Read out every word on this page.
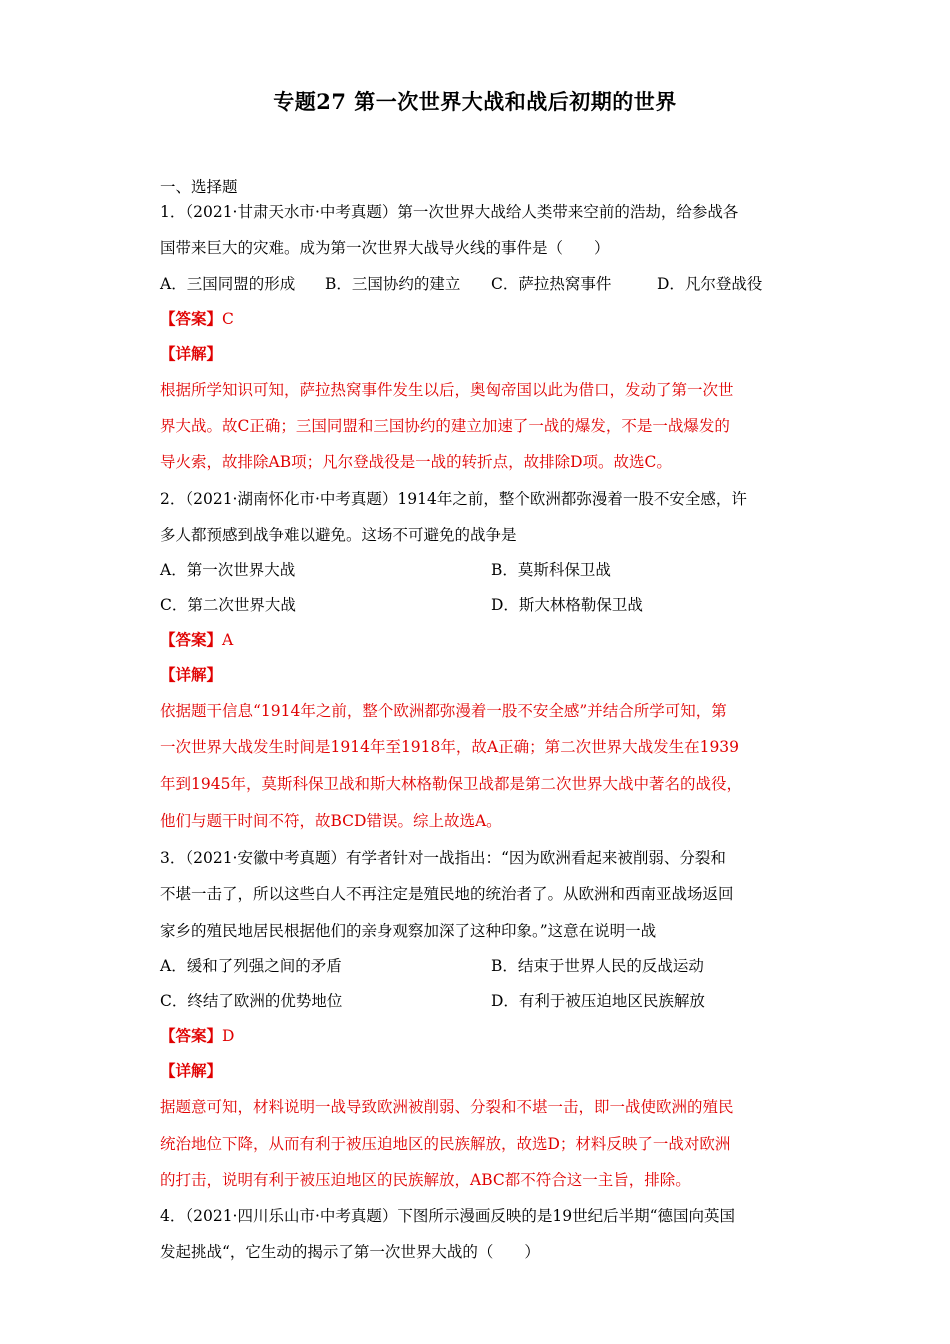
专题27 第一次世界大战和战后初期的世界
一、选择题
1．（2021·甘肃天水市·中考真题）第一次世界大战给人类带来空前的浩劫，给参战各
国带来巨大的灾难。成为第一次世界大战导火线的事件是（　　）
A．三国同盟的形成 B．三国协约的建立 C．萨拉热窝事件	D．凡尔登战役
【答案】C
【详解】
根据所学知识可知，萨拉热窝事件发生以后，奥匈帝国以此为借口，发动了第一次世
界大战。故C正确；三国同盟和三国协约的建立加速了一战的爆发，不是一战爆发的
导火索，故排除AB项；凡尔登战役是一战的转折点，故排除D项。故选C。
2．（2021·湖南怀化市·中考真题）1914年之前，整个欧洲都弥漫着一股不安全感，许
多人都预感到战争难以避免。这场不可避免的战争是
A．第一次世界大战	B．莫斯科保卫战
C．第二次世界大战	D．斯大林格勒保卫战
【答案】A
【详解】
依据题干信息“1914年之前，整个欧洲都弥漫着一股不安全感”并结合所学可知，第
一次世界大战发生时间是1914年至1918年，故A正确；第二次世界大战发生在1939
年到1945年，莫斯科保卫战和斯大林格勒保卫战都是第二次世界大战中著名的战役，
他们与题干时间不符，故BCD错误。综上故选A。
3．（2021·安徽中考真题）有学者针对一战指出：“因为欧洲看起来被削弱、分裂和
不堪一击了，所以这些白人不再注定是殖民地的统治者了。从欧洲和西南亚战场返回
家乡的殖民地居民根据他们的亲身观察加深了这种印象。”这意在说明一战
A．缓和了列强之间的矛盾	B．结束于世界人民的反战运动
C．终结了欧洲的优势地位	D．有利于被压迫地区民族解放
【答案】D
【详解】
据题意可知，材料说明一战导致欧洲被削弱、分裂和不堪一击，即一战使欧洲的殖民
统治地位下降，从而有利于被压迫地区的民族解放，故选D；材料反映了一战对欧洲
的打击，说明有利于被压迫地区的民族解放，ABC都不符合这一主旨，排除。
4．（2021·四川乐山市·中考真题）下图所示漫画反映的是19世纪后半期“德国向英国
发起挑战“，它生动的揭示了第一次世界大战的（　　）
